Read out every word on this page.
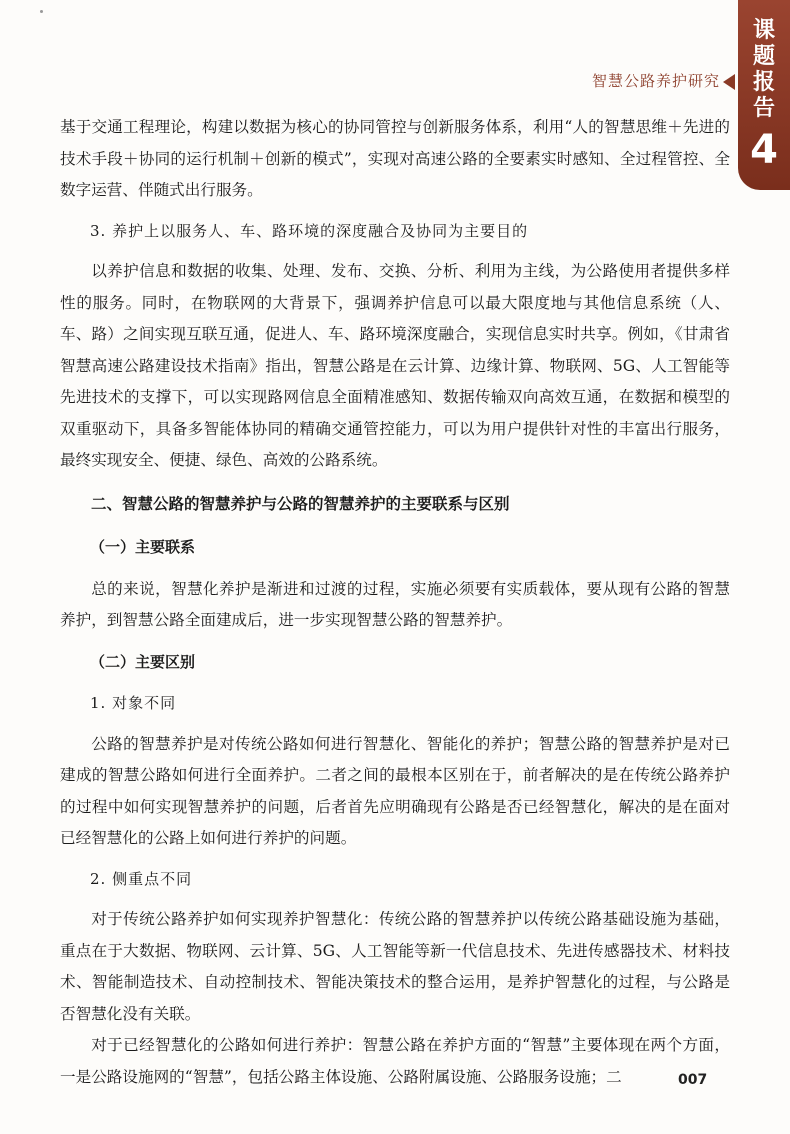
智慧公路养护研究
课
题
报
告
4

基于交通工程理论，构建以数据为核心的协同管控与创新服务体系，利用“人的智慧思维＋先进的技术手段＋协同的运行机制＋创新的模式”，实现对高速公路的全要素实时感知、全过程管控、全数字运营、伴随式出行服务。

3. 养护上以服务人、车、路环境的深度融合及协同为主要目的

以养护信息和数据的收集、处理、发布、交换、分析、利用为主线，为公路使用者提供多样性的服务。同时，在物联网的大背景下，强调养护信息可以最大限度地与其他信息系统（人、车、路）之间实现互联互通，促进人、车、路环境深度融合，实现信息实时共享。例如，《甘肃省智慧高速公路建设技术指南》指出，智慧公路是在云计算、边缘计算、物联网、5G、人工智能等先进技术的支撑下，可以实现路网信息全面精准感知、数据传输双向高效互通，在数据和模型的双重驱动下，具备多智能体协同的精确交通管控能力，可以为用户提供针对性的丰富出行服务，最终实现安全、便捷、绿色、高效的公路系统。

二、智慧公路的智慧养护与公路的智慧养护的主要联系与区别

（一）主要联系

总的来说，智慧化养护是渐进和过渡的过程，实施必须要有实质载体，要从现有公路的智慧养护，到智慧公路全面建成后，进一步实现智慧公路的智慧养护。

（二）主要区别

1. 对象不同

公路的智慧养护是对传统公路如何进行智慧化、智能化的养护；智慧公路的智慧养护是对已建成的智慧公路如何进行全面养护。二者之间的最根本区别在于，前者解决的是在传统公路养护的过程中如何实现智慧养护的问题，后者首先应明确现有公路是否已经智慧化，解决的是在面对已经智慧化的公路上如何进行养护的问题。

2. 侧重点不同

对于传统公路养护如何实现养护智慧化：传统公路的智慧养护以传统公路基础设施为基础，重点在于大数据、物联网、云计算、5G、人工智能等新一代信息技术、先进传感器技术、材料技术、智能制造技术、自动控制技术、智能决策技术的整合运用，是养护智慧化的过程，与公路是否智慧化没有关联。

对于已经智慧化的公路如何进行养护：智慧公路在养护方面的“智慧”主要体现在两个方面，一是公路设施网的“智慧”，包括公路主体设施、公路附属设施、公路服务设施；二	007
